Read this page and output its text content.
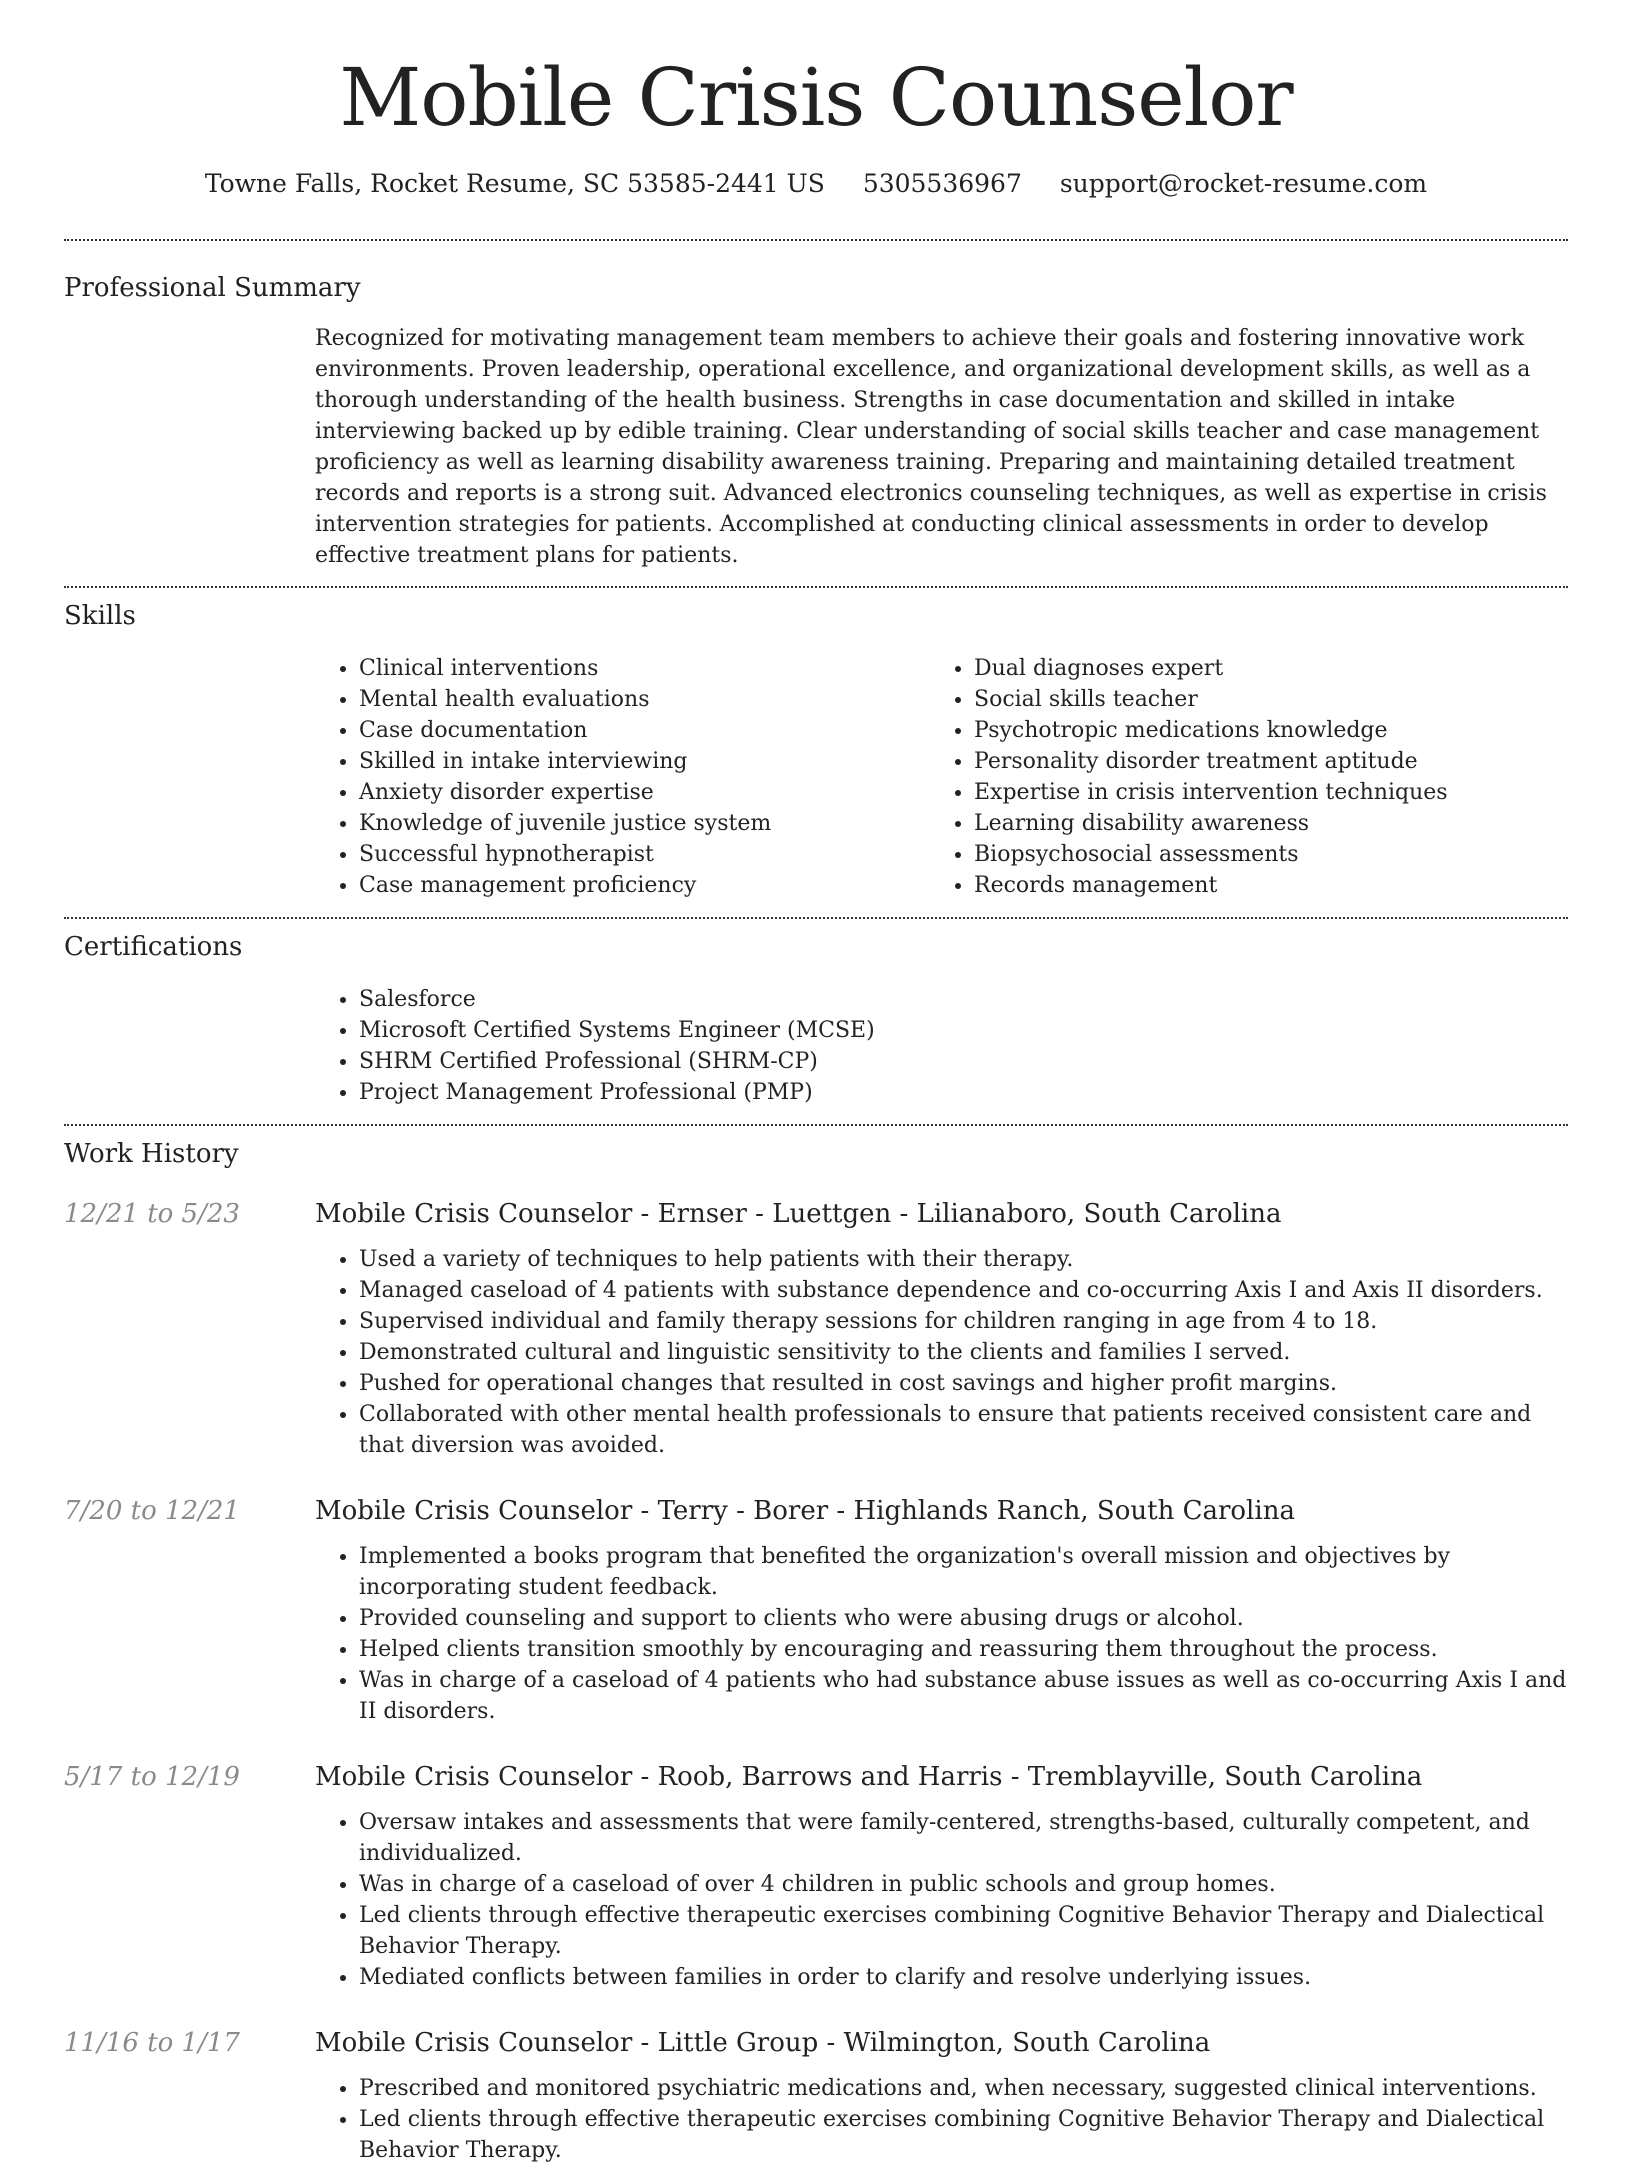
Mobile Crisis Counselor
Towne Falls, Rocket Resume, SC 53585-2441 US 5305536967 support@rocket-resume.com
Professional Summary

Recognized for motivating management team members to achieve their goals and fostering innovative work environments. Proven leadership, operational excellence, and organizational development skills, as well as a thorough understanding of the health business. Strengths in case documentation and skilled in intake interviewing backed up by edible training. Clear understanding of social skills teacher and case management proficiency as well as learning disability awareness training. Preparing and maintaining detailed treatment records and reports is a strong suit. Advanced electronics counseling techniques, as well as expertise in crisis intervention strategies for patients. Accomplished at conducting clinical assessments in order to develop effective treatment plans for patients.

Skills
• Clinical interventions
• Mental health evaluations
• Case documentation
• Skilled in intake interviewing
• Anxiety disorder expertise
• Knowledge of juvenile justice system
• Successful hypnotherapist
• Case management proficiency
• Dual diagnoses expert
• Social skills teacher
• Psychotropic medications knowledge
• Personality disorder treatment aptitude
• Expertise in crisis intervention techniques
• Learning disability awareness
• Biopsychosocial assessments
• Records management
Certifications
• Salesforce
• Microsoft Certified Systems Engineer (MCSE)
• SHRM Certified Professional (SHRM-CP)
• Project Management Professional (PMP)
Work History
12/21 to 5/23	Mobile Crisis Counselor - Ernser - Luettgen - Lilianaboro, South Carolina
• Used a variety of techniques to help patients with their therapy.
• Managed caseload of 4 patients with substance dependence and co-occurring Axis I and Axis II disorders.
• Supervised individual and family therapy sessions for children ranging in age from 4 to 18.
• Demonstrated cultural and linguistic sensitivity to the clients and families I served.
• Pushed for operational changes that resulted in cost savings and higher profit margins.
• Collaborated with other mental health professionals to ensure that patients received consistent care and that diversion was avoided.
7/20 to 12/21	Mobile Crisis Counselor - Terry - Borer - Highlands Ranch, South Carolina
• Implemented a books program that benefited the organization's overall mission and objectives by incorporating student feedback.
• Provided counseling and support to clients who were abusing drugs or alcohol.
• Helped clients transition smoothly by encouraging and reassuring them throughout the process.
• Was in charge of a caseload of 4 patients who had substance abuse issues as well as co-occurring Axis I and II disorders.
5/17 to 12/19	Mobile Crisis Counselor - Roob, Barrows and Harris - Tremblayville, South Carolina
• Oversaw intakes and assessments that were family-centered, strengths-based, culturally competent, and individualized.
• Was in charge of a caseload of over 4 children in public schools and group homes.
• Led clients through effective therapeutic exercises combining Cognitive Behavior Therapy and Dialectical Behavior Therapy.
• Mediated conflicts between families in order to clarify and resolve underlying issues.
11/16 to 1/17	Mobile Crisis Counselor - Little Group - Wilmington, South Carolina
• Prescribed and monitored psychiatric medications and, when necessary, suggested clinical interventions.
• Led clients through effective therapeutic exercises combining Cognitive Behavior Therapy and Dialectical Behavior Therapy.
